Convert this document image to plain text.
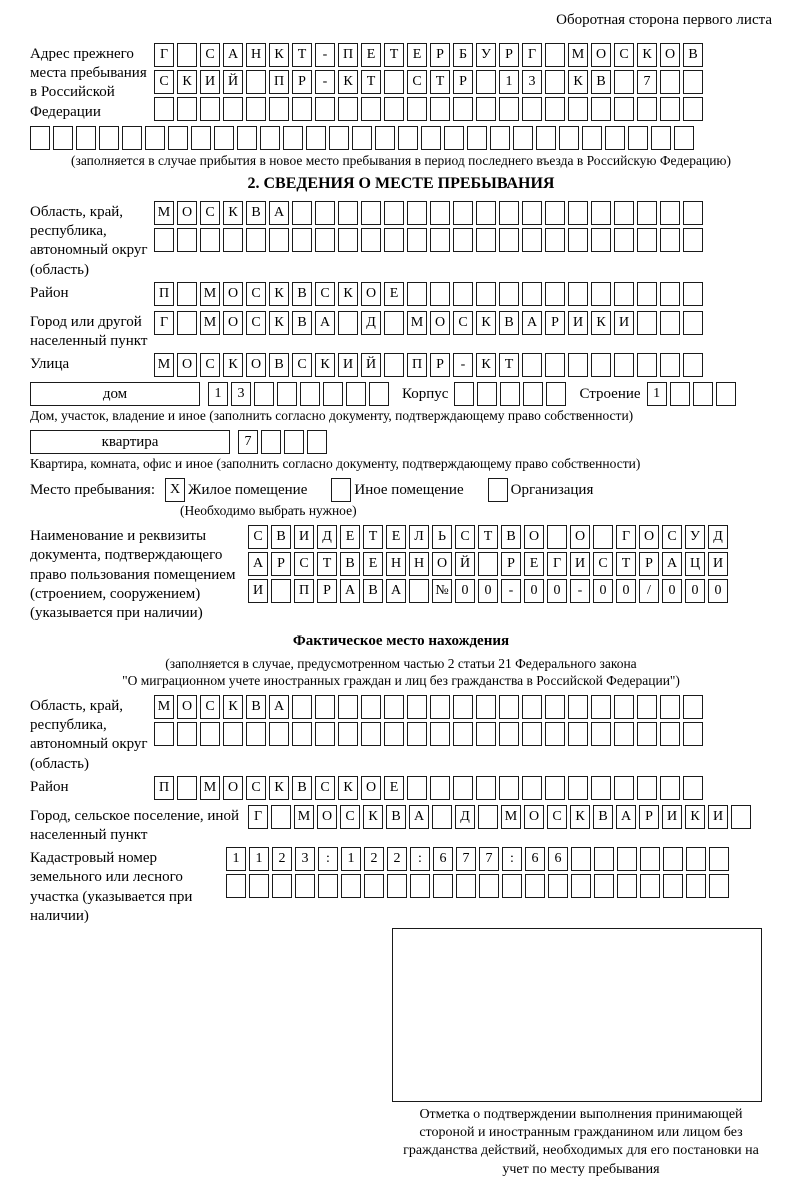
Оборотная сторона первого листа
Адрес прежнего места пребывания в Российской Федерации
Г	С А Н К	Т	-	П Е	Т	Е	Р	Б	У	Р	Г	М О С К О В
С К И Й	П	Р	-	К	Т	С	Т	Р	1	3	К В	7
(заполняется в случае прибытия в новое место пребывания в период последнего въезда в Российскую Федерацию)
2. СВЕДЕНИЯ О МЕСТЕ ПРЕБЫВАНИЯ
Область, край, республика, автономный округ (область)
М О С К В А
Район	П	М О С К В С К О Е
Город или другой населенный пункт
Г	М О С К В А	Д	М О С К В А	Р	И К И
Улица	М О С К О В С К И Й	П	Р	-	К	Т
дом	1	3	Корпус	Строение 1
Дом, участок, владение и иное (заполнить согласно документу, подтверждающему право собственности)
квартира	7
Квартира, комната, офис и иное (заполнить согласно документу, подтверждающему право собственности)
Место пребывания:	X Жилое помещение	Иное помещение	Организация
(Необходимо выбрать нужное)
Наименование и реквизиты документа, подтверждающего право пользования помещением (строением, сооружением) (указывается при наличии)
С В И Д Е	Т	Е Л	Ь	С	Т	В О	О	Г О С У Д
А	Р	С	Т	В	Е Н Н О Й	Р	Е	Г И С	Т	Р	А Ц И
И	П	Р	А В А	№ 0	0	-	0	0	-	0	0	/	0	0	0
Фактическое место нахождения
(заполняется в случае, предусмотренном частью 2 статьи 21 Федерального закона
"О миграционном учете иностранных граждан и лиц без гражданства в Российской Федерации")
Область, край, республика, автономный округ (область)
М О С К В А
Район	П	М О С К В С К О Е
Город, сельское поселение, иной населенный пункт
Г	М О С К В А	Д	М О С К В А	Р	И К И
Кадастровый номер земельного или лесного участка (указывается при наличии)
1	1	2	3	:	1	2	2	:	6	7	7	:	6	6
Отметка о подтверждении выполнения принимающей стороной и иностранным гражданином или лицом без гражданства действий, необходимых для его постановки на учет по месту пребывания
